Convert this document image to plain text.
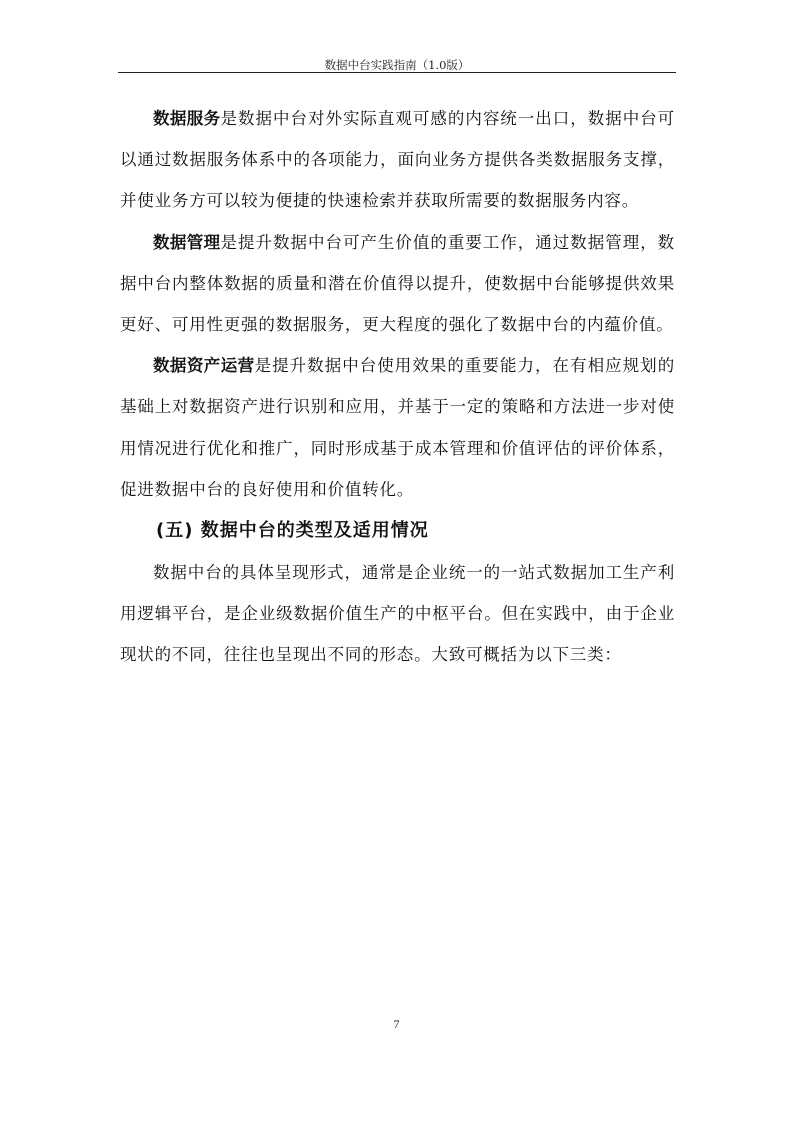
数据中台实践指南（1.0版）

数据服务是数据中台对外实际直观可感的内容统一出口，数据中台可以通过数据服务体系中的各项能力，面向业务方提供各类数据服务支撑，并使业务方可以较为便捷的快速检索并获取所需要的数据服务内容。

数据管理是提升数据中台可产生价值的重要工作，通过数据管理，数据中台内整体数据的质量和潜在价值得以提升，使数据中台能够提供效果更好、可用性更强的数据服务，更大程度的强化了数据中台的内蕴价值。

数据资产运营是提升数据中台使用效果的重要能力，在有相应规划的基础上对数据资产进行识别和应用，并基于一定的策略和方法进一步对使用情况进行优化和推广，同时形成基于成本管理和价值评估的评价体系，促进数据中台的良好使用和价值转化。

(五) 数据中台的类型及适用情况

数据中台的具体呈现形式，通常是企业统一的一站式数据加工生产利用逻辑平台，是企业级数据价值生产的中枢平台。但在实践中，由于企业现状的不同，往往也呈现出不同的形态。大致可概括为以下三类：

7
